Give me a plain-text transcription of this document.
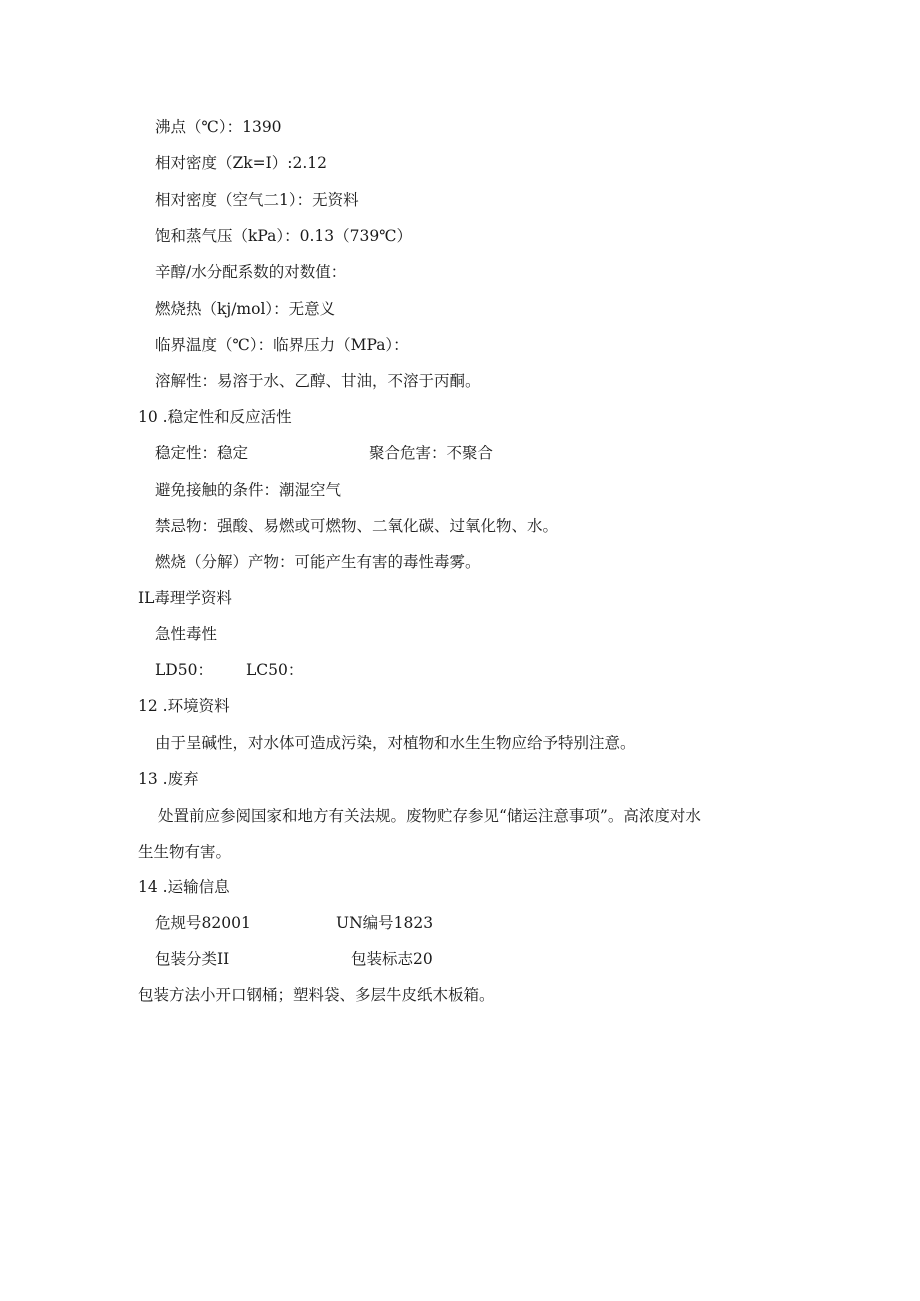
沸点（℃）：1390
相对密度（Zk=I）:2.12
相对密度（空气二1）：无资料
饱和蒸气压（kPa）：0.13（739℃）
辛醇/水分配系数的对数值：
燃烧热（kj/mol）：无意义
临界温度（℃）：临界压力（MPa）：
溶解性：易溶于水、乙醇、甘油，不溶于丙酮。
10 .稳定性和反应活性
稳定性：稳定	聚合危害：不聚合
避免接触的条件：潮湿空气
禁忌物：强酸、易燃或可燃物、二氧化碳、过氧化物、水。
燃烧（分解）产物：可能产生有害的毒性毒雾。
IL毒理学资料
急性毒性
LD50： LC50：
12 .环境资料
由于呈碱性，对水体可造成污染，对植物和水生生物应给予特别注意。
13 .废弃
处置前应参阅国家和地方有关法规。废物贮存参见“储运注意事项”。高浓度对水
生生物有害。
14 .运输信息
危规号82001	UN编号1823
包装分类II	包装标志20
包装方法小开口钢桶；塑料袋、多层牛皮纸木板箱。
